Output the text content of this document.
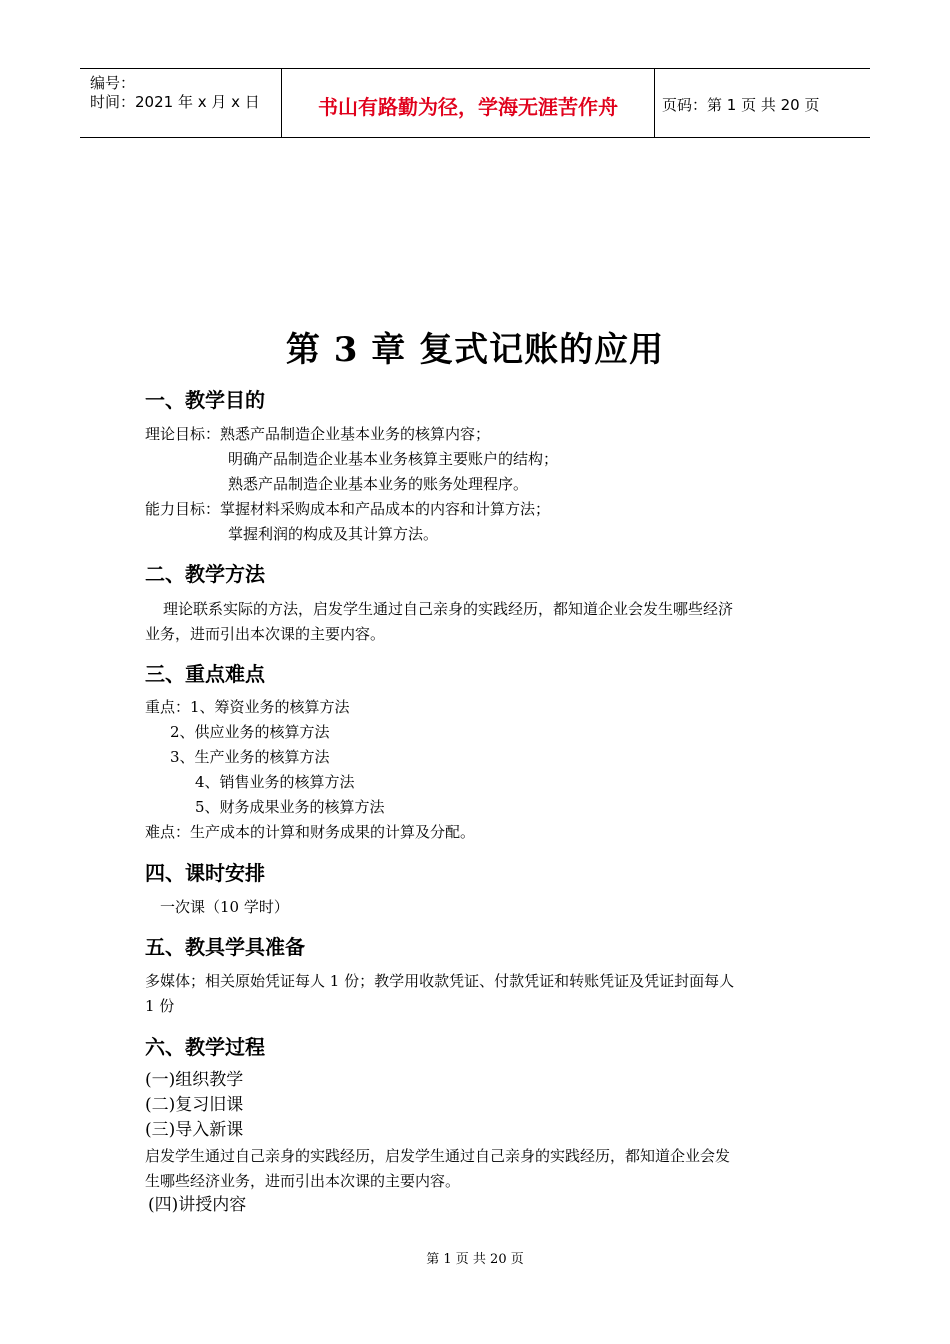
编号：
时间：2021 年 x 月 x 日	书山有路勤为径，学海无涯苦作舟	页码：第 1 页 共 20 页
第 3 章 复式记账的应用
一、教学目的
理论目标：熟悉产品制造企业基本业务的核算内容；
明确产品制造企业基本业务核算主要账户的结构；
熟悉产品制造企业基本业务的账务处理程序。
能力目标：掌握材料采购成本和产品成本的内容和计算方法；
掌握利润的构成及其计算方法。
二、教学方法
理论联系实际的方法，启发学生通过自己亲身的实践经历，都知道企业会发生哪些经济
业务，进而引出本次课的主要内容。
三、重点难点
重点：1、筹资业务的核算方法
2、供应业务的核算方法
3、生产业务的核算方法
4、销售业务的核算方法
5、财务成果业务的核算方法
难点：生产成本的计算和财务成果的计算及分配。
四、课时安排
一次课（10 学时）
五、教具学具准备
多媒体；相关原始凭证每人 1 份；教学用收款凭证、付款凭证和转账凭证及凭证封面每人
1 份
六、教学过程
(一)组织教学
(二)复习旧课
(三)导入新课
启发学生通过自己亲身的实践经历，启发学生通过自己亲身的实践经历，都知道企业会发
生哪些经济业务，进而引出本次课的主要内容。
(四)讲授内容
第 1 页 共 20 页
